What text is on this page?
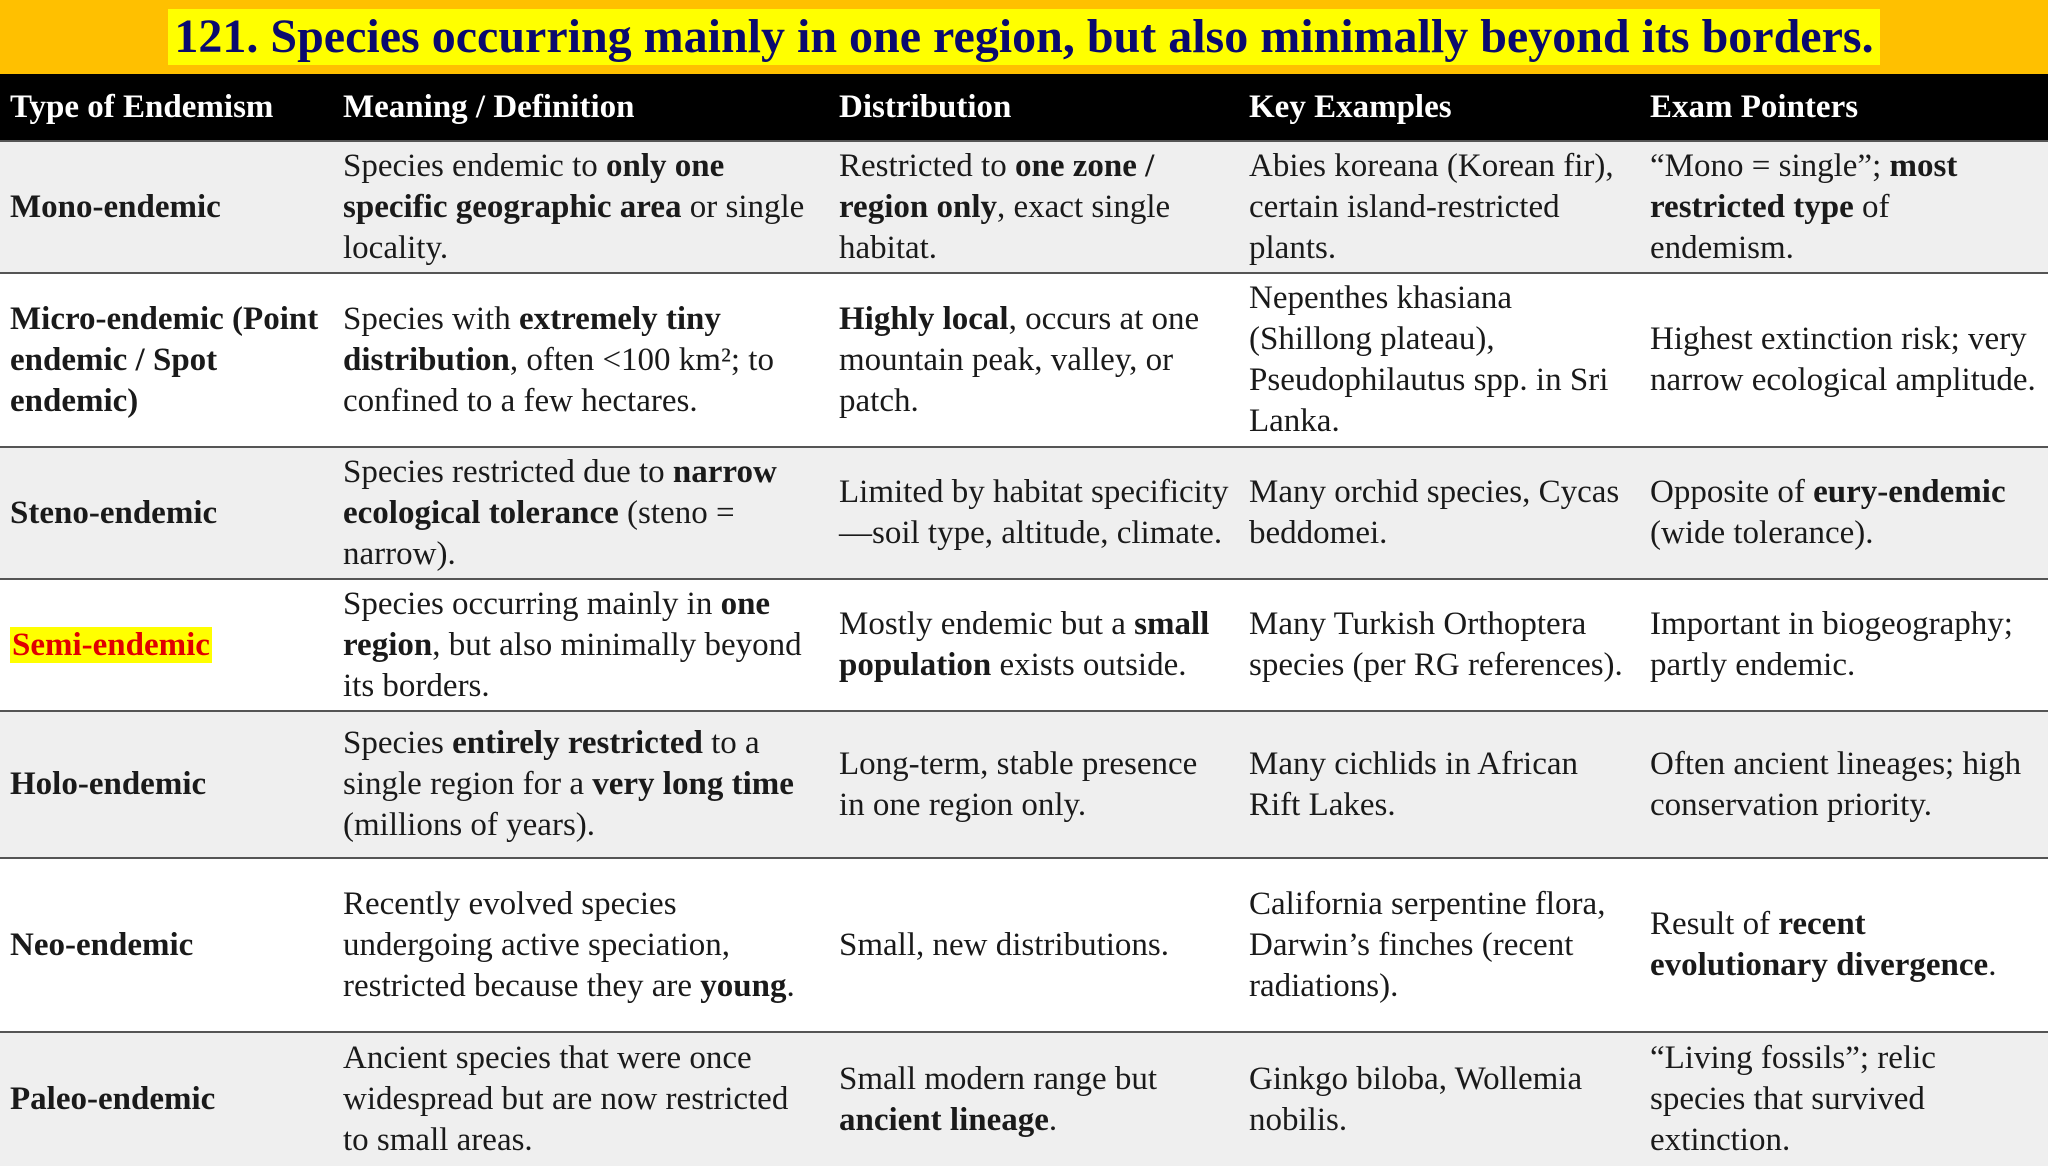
121. Species occurring mainly in one region, but also minimally beyond its borders.
Type of Endemism	Meaning / Definition	Distribution	Key Examples	Exam Pointers
Mono-endemic	Species endemic to only one specific geographic area or single locality.	Restricted to one zone / region only, exact single habitat.	Abies koreana (Korean fir), certain island-restricted plants.	“Mono = single”; most restricted type of endemism.
Micro-endemic (Point endemic / Spot endemic)	Species with extremely tiny distribution, often <100 km²; to confined to a few hectares.	Highly local, occurs at one mountain peak, valley, or patch.	Nepenthes khasiana (Shillong plateau), Pseudophilautus spp. in Sri Lanka.	Highest extinction risk; very narrow ecological amplitude.
Steno-endemic	Species restricted due to narrow ecological tolerance (steno = narrow).	Limited by habitat specificity—soil type, altitude, climate.	Many orchid species, Cycas beddomei.	Opposite of eury-endemic (wide tolerance).
Semi-endemic	Species occurring mainly in one region, but also minimally beyond its borders.	Mostly endemic but a small population exists outside.	Many Turkish Orthoptera species (per RG references).	Important in biogeography; partly endemic.
Holo-endemic	Species entirely restricted to a single region for a very long time (millions of years).	Long-term, stable presence in one region only.	Many cichlids in African Rift Lakes.	Often ancient lineages; high conservation priority.
Neo-endemic	Recently evolved species undergoing active speciation, restricted because they are young.	Small, new distributions.	California serpentine flora, Darwin’s finches (recent radiations).	Result of recent evolutionary divergence.
Paleo-endemic	Ancient species that were once widespread but are now restricted to small areas.	Small modern range but ancient lineage.	Ginkgo biloba, Wollemia nobilis.	“Living fossils”; relic species that survived extinction.
